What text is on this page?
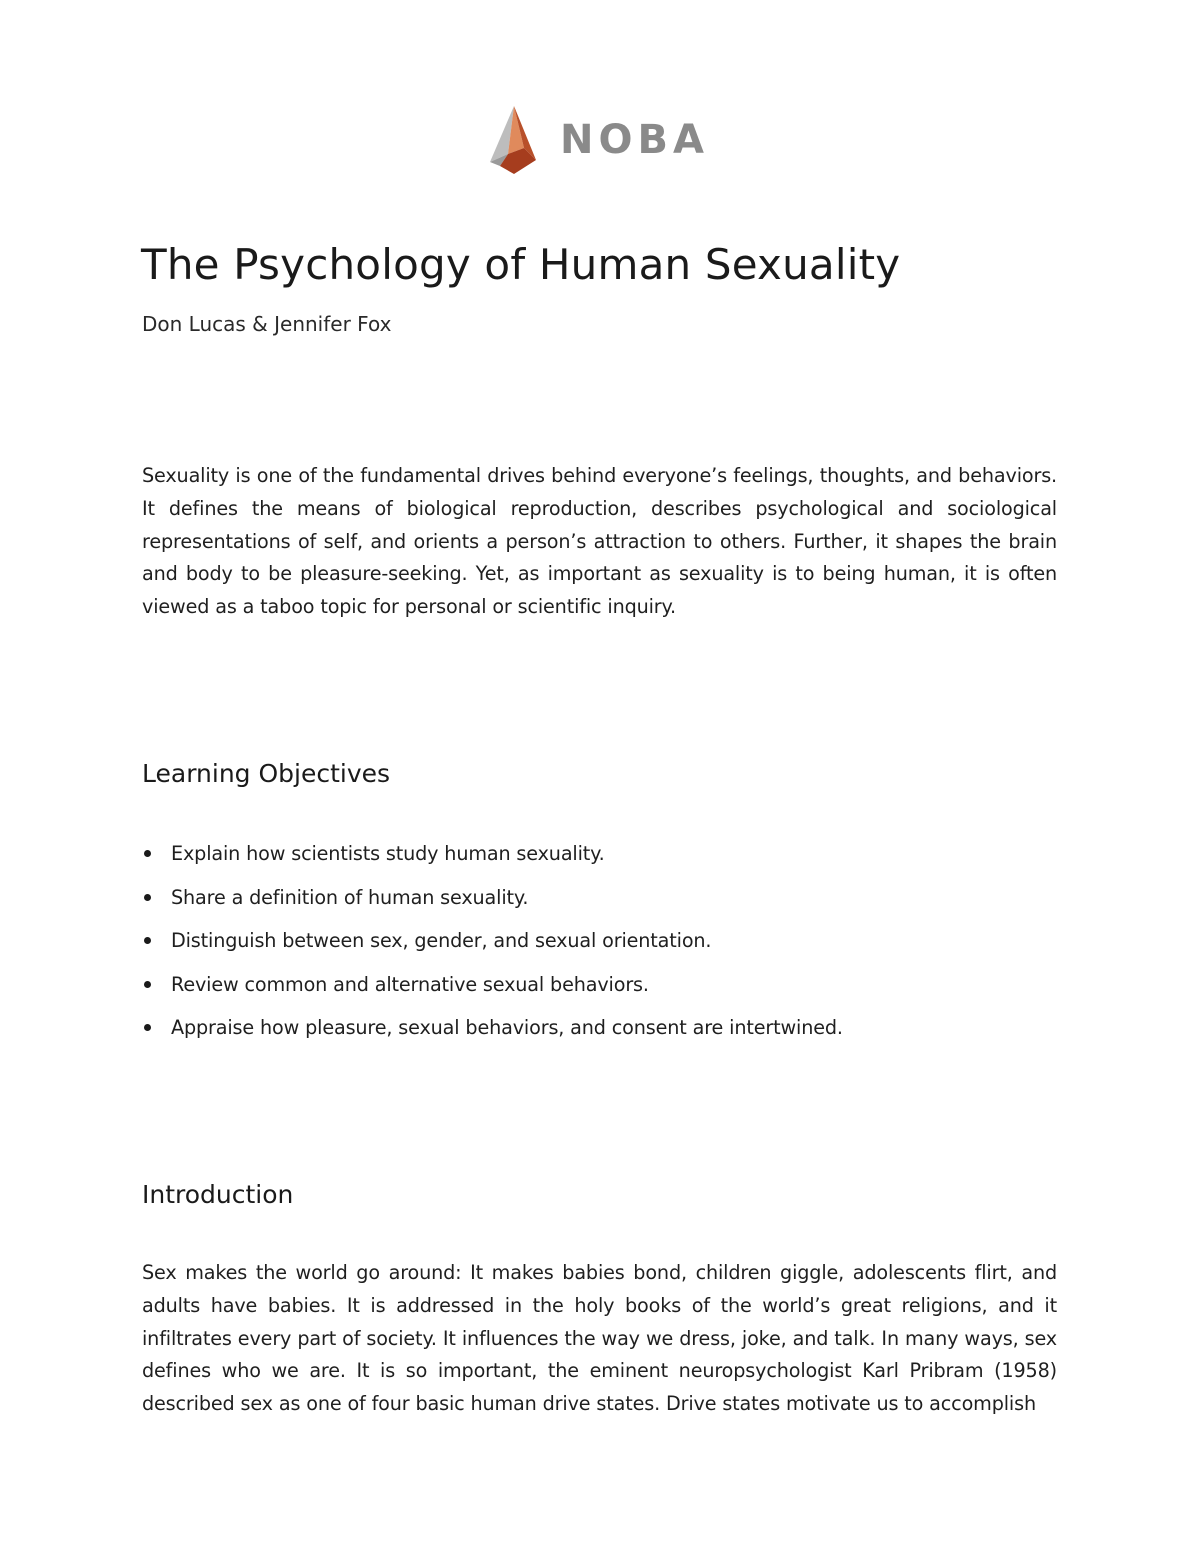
NOBA
The Psychology of Human Sexuality
Don Lucas & Jennifer Fox

Sexuality is one of the fundamental drives behind everyone’s feelings, thoughts, and behaviors. It defines the means of biological reproduction, describes psychological and sociological representations of self, and orients a person’s attraction to others. Further, it shapes the brain and body to be pleasure-seeking. Yet, as important as sexuality is to being human, it is often viewed as a taboo topic for personal or scientific inquiry.

Learning Objectives
Explain how scientists study human sexuality.
Share a definition of human sexuality.
Distinguish between sex, gender, and sexual orientation.
Review common and alternative sexual behaviors.
Appraise how pleasure, sexual behaviors, and consent are intertwined.
Introduction

Sex makes the world go around: It makes babies bond, children giggle, adolescents flirt, and adults have babies. It is addressed in the holy books of the world’s great religions, and it infiltrates every part of society. It influences the way we dress, joke, and talk. In many ways, sex defines who we are. It is so important, the eminent neuropsychologist Karl Pribram (1958) described sex as one of four basic human drive states. Drive states motivate us to accomplish
